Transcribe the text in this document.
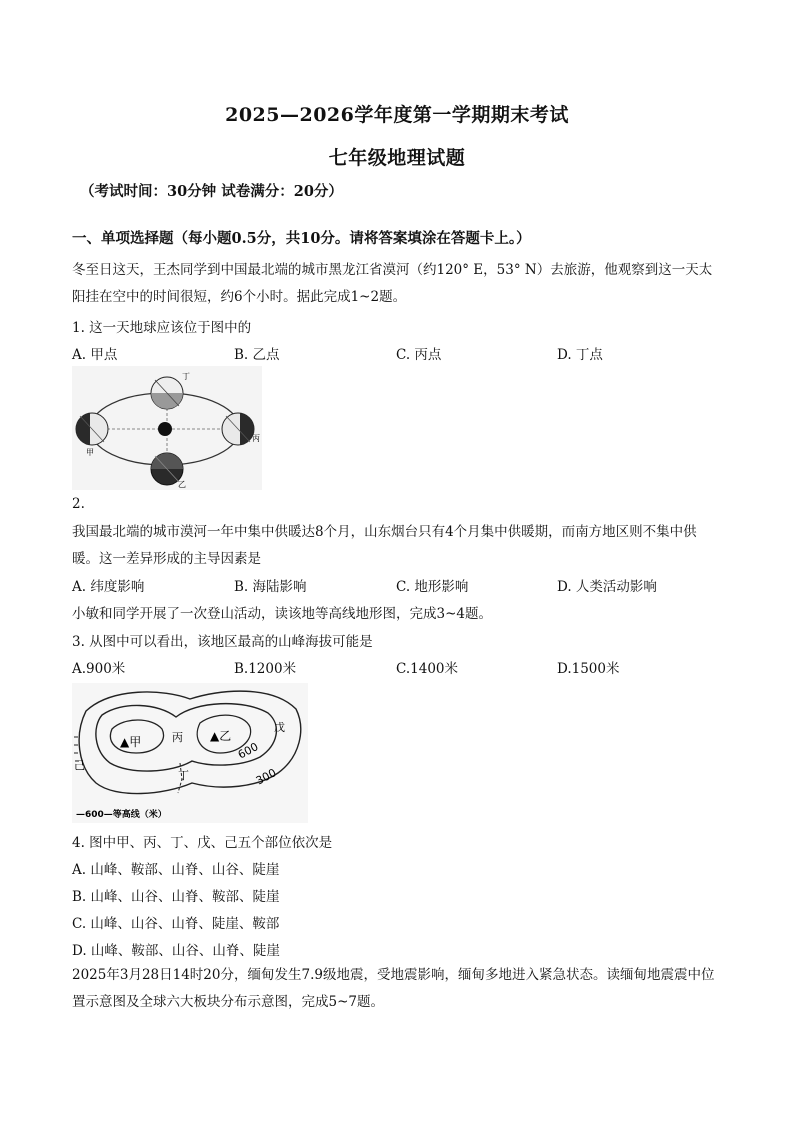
2025—2026学年度第一学期期末考试
七年级地理试题
（考试时间：30分钟 试卷满分：20分）
一、单项选择题（每小题0.5分，共10分。请将答案填涂在答题卡上。）
冬至日这天，王杰同学到中国最北端的城市黑龙江省漠河（约120° E，53° N）去旅游，他观察到这一天太阳挂在空中的时间很短，约6个小时。据此完成1~2题。
1. 这一天地球应该位于图中的
A. 甲点	B. 乙点	C. 丙点	D. 丁点
甲
乙
丙
丁
2.
我国最北端的城市漠河一年中集中供暖达8个月，山东烟台只有4个月集中供暖期，而南方地区则不集中供暖。这一差异形成的主导因素是
A. 纬度影响	B. 海陆影响	C. 地形影响	D. 人类活动影响
小敏和同学开展了一次登山活动，读该地等高线地形图，完成3~4题。
3. 从图中可以看出，该地区最高的山峰海拔可能是
A.900米	B.1200米	C.1400米	D.1500米
▲甲	▲乙
丙
丁
戊
己
600
300
—600—等高线（米）
4. 图中甲、丙、丁、戊、己五个部位依次是
A. 山峰、鞍部、山脊、山谷、陡崖
B. 山峰、山谷、山脊、鞍部、陡崖
C. 山峰、山谷、山脊、陡崖、鞍部
D. 山峰、鞍部、山谷、山脊、陡崖
2025年3月28日14时20分，缅甸发生7.9级地震，受地震影响，缅甸多地进入紧急状态。读缅甸地震震中位置示意图及全球六大板块分布示意图，完成5~7题。
